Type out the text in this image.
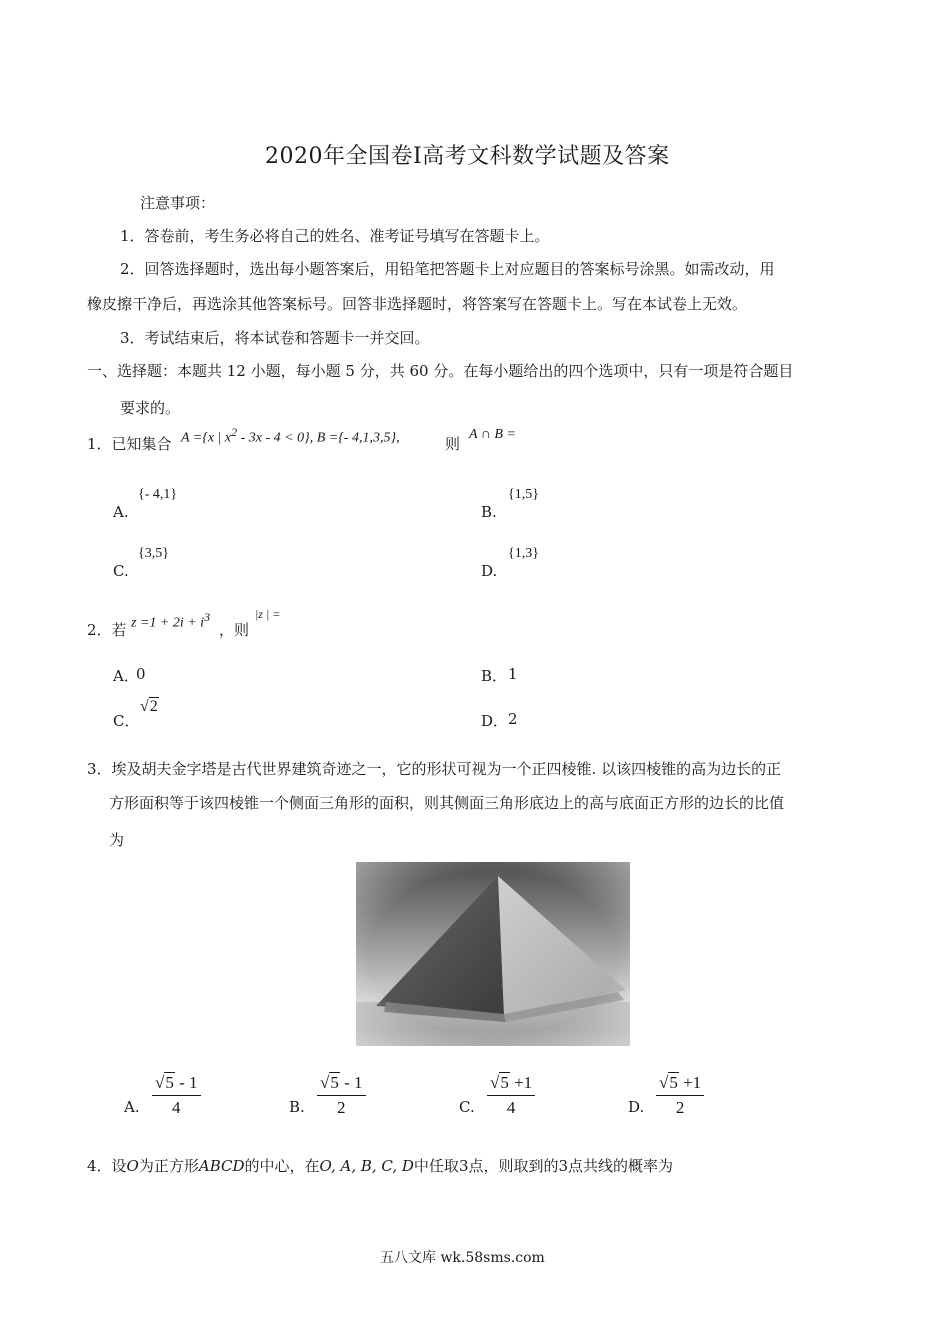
2020年全国卷Ⅰ高考文科数学试题及答案
注意事项：
1．答卷前，考生务必将自己的姓名、准考证号填写在答题卡上。
2．回答选择题时，选出每小题答案后，用铅笔把答题卡上对应题目的答案标号涂黑。如需改动，用
橡皮擦干净后，再选涂其他答案标号。回答非选择题时，将答案写在答题卡上。写在本试卷上无效。
3．考试结束后，将本试卷和答题卡一并交回。
一、选择题：本题共 12 小题，每小题 5 分，共 60 分。在每小题给出的四个选项中，只有一项是符合题目
要求的。
1．已知集合 A ={x | $x^2 - 3x - 4 < 0$}, B ={- 4,1,3,5},	则
A ∩ B =
A.
{- 4,1}
B.
{1,5}
C.
{3,5}
D.
{1,3}
2．若 $z =1 + 2i + i^3$
，则
|z | =
A．
0	B． 1
C．
√2
D． 2
3．埃及胡夫金字塔是古代世界建筑奇迹之一，它的形状可视为一个正四棱锥. 以该四棱锥的高为边长的正
方形面积等于该四棱锥一个侧面三角形的面积，则其侧面三角形底边上的高与底面正方形的边长的比值
为
A.
√5 - 1
4	B.
√5 - 1
2	C.
√5 +1
4	D.
√5 +1
2
4．设O为正方形ABCD的中心，在O, A, B, C, D中任取3点，则取到的3点共线的概率为
五八文库 wk.58sms.com
